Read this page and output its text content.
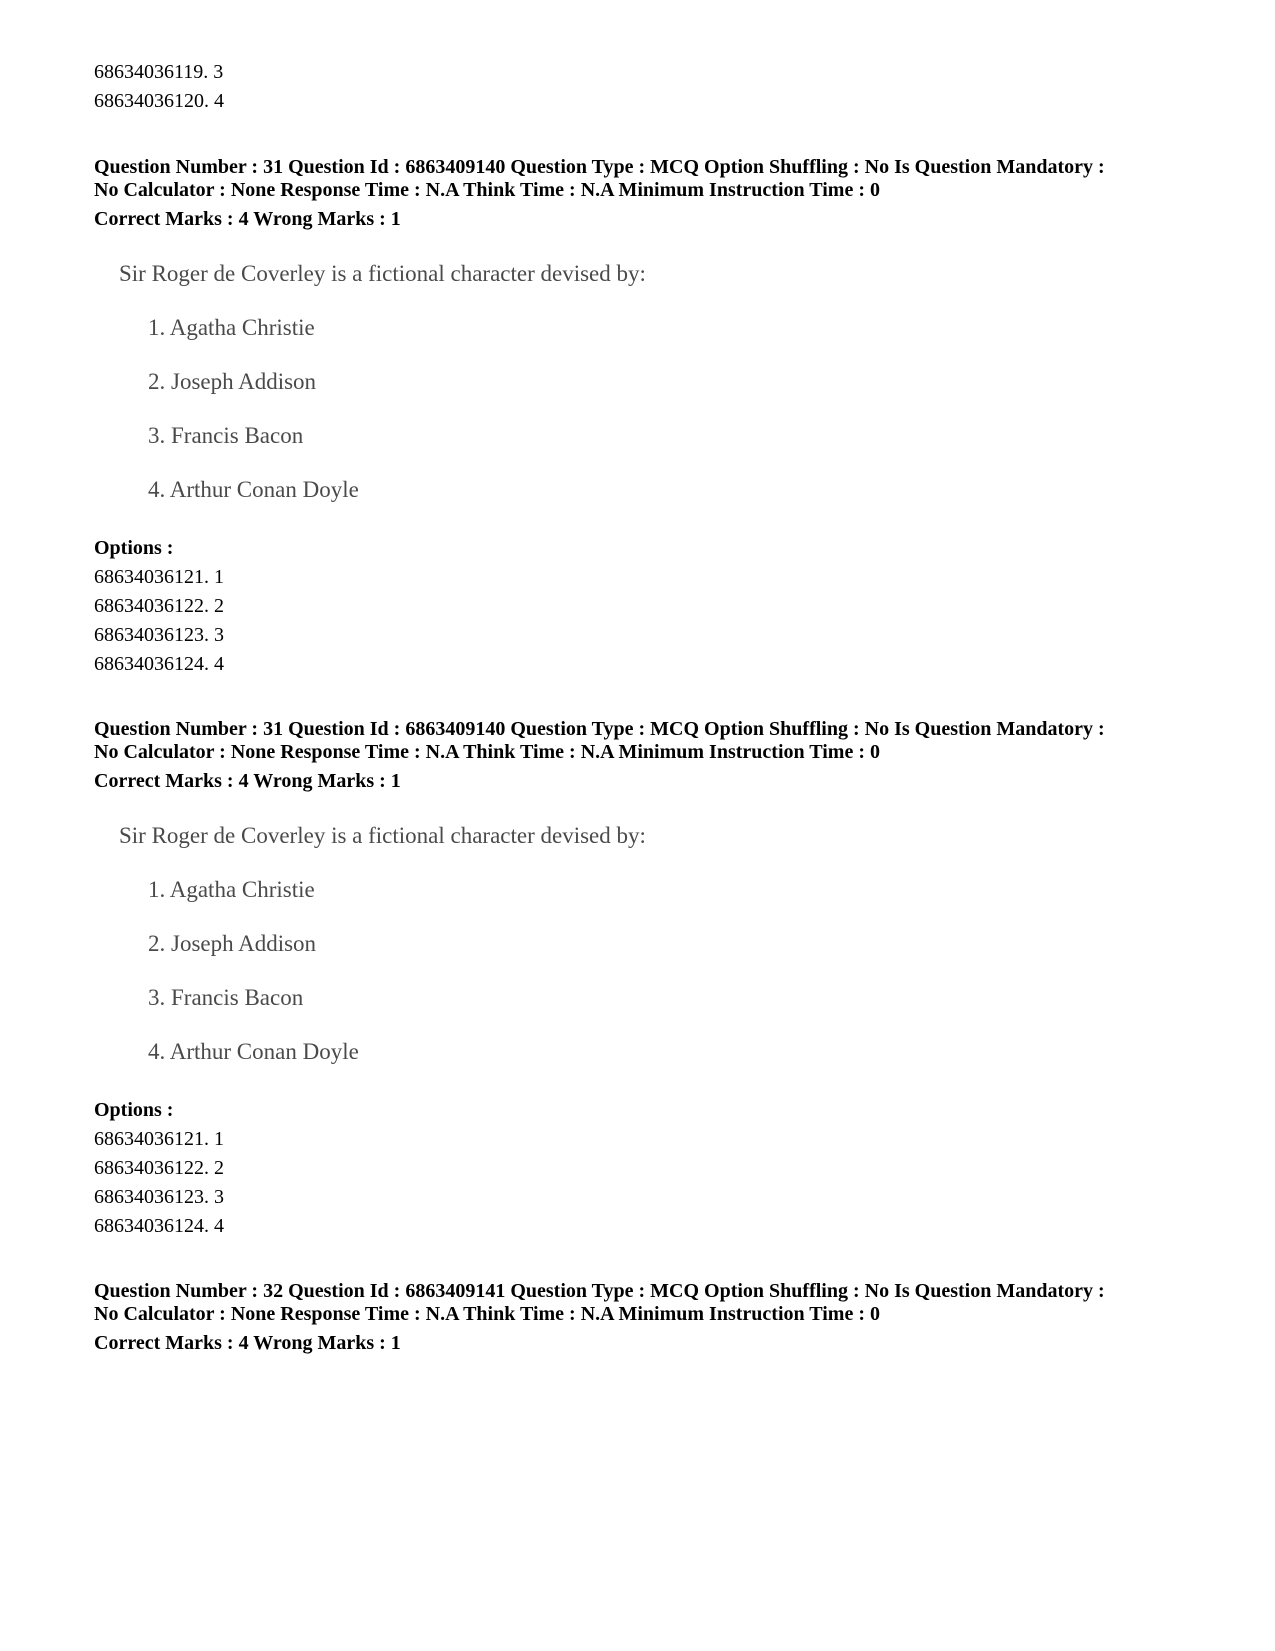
68634036119. 3
68634036120. 4
Question Number : 31 Question Id : 6863409140 Question Type : MCQ Option Shuffling : No Is Question Mandatory :
No Calculator : None Response Time : N.A Think Time : N.A Minimum Instruction Time : 0
Correct Marks : 4 Wrong Marks : 1
Sir Roger de Coverley is a fictional character devised by:
1. Agatha Christie
2. Joseph Addison
3. Francis Bacon
4. Arthur Conan Doyle
Options :
68634036121. 1
68634036122. 2
68634036123. 3
68634036124. 4
Question Number : 31 Question Id : 6863409140 Question Type : MCQ Option Shuffling : No Is Question Mandatory :
No Calculator : None Response Time : N.A Think Time : N.A Minimum Instruction Time : 0
Correct Marks : 4 Wrong Marks : 1
Sir Roger de Coverley is a fictional character devised by:
1. Agatha Christie
2. Joseph Addison
3. Francis Bacon
4. Arthur Conan Doyle
Options :
68634036121. 1
68634036122. 2
68634036123. 3
68634036124. 4
Question Number : 32 Question Id : 6863409141 Question Type : MCQ Option Shuffling : No Is Question Mandatory :
No Calculator : None Response Time : N.A Think Time : N.A Minimum Instruction Time : 0
Correct Marks : 4 Wrong Marks : 1
